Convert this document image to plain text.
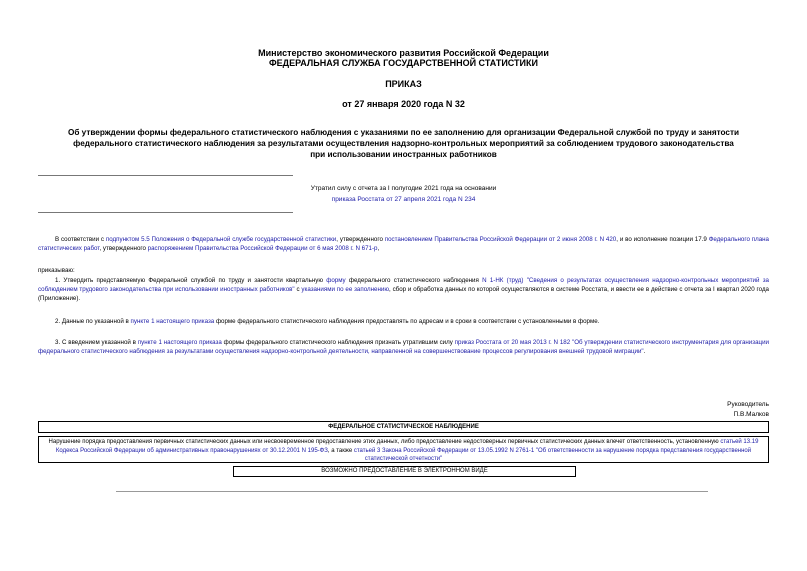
Министерство экономического развития Российской Федерации
ФЕДЕРАЛЬНАЯ СЛУЖБА ГОСУДАРСТВЕННОЙ СТАТИСТИКИ
ПРИКАЗ
от 27 января 2020 года N 32
Об утверждении формы федерального статистического наблюдения с указаниями по ее заполнению для организации Федеральной службой по труду и занятости
федерального статистического наблюдения за результатами осуществления надзорно-контрольных мероприятий за соблюдением трудового законодательства
при использовании иностранных работников
Утратил силу с отчета за I полугодие 2021 года на основании
приказа Росстата от 27 апреля 2021 года N 234
В соответствии с подпунктом 5.5 Положения о Федеральной службе государственной статистики, утвержденного постановлением Правительства Российской Федерации от 2 июня 2008 г. N 420, и во исполнение позиции 17.9 Федерального плана статистических работ, утвержденного распоряжением Правительства Российской Федерации от 6 мая 2008 г. N 671-р,
приказываю:
1. Утвердить представляемую Федеральной службой по труду и занятости квартальную форму федерального статистического наблюдения N 1-НК (труд) "Сведения о результатах осуществления надзорно-контрольных мероприятий за соблюдением трудового законодательства при использовании иностранных работников" с указаниями по ее заполнению, сбор и обработка данных по которой осуществляются в системе Росстата, и ввести ее в действие с отчета за I квартал 2020 года (Приложение).
2. Данные по указанной в пункте 1 настоящего приказа форме федерального статистического наблюдения предоставлять по адресам и в сроки в соответствии с установленными в форме.
3. С введением указанной в пункте 1 настоящего приказа формы федерального статистического наблюдения признать утратившим силу приказ Росстата от 20 мая 2013 г. N 182 "Об утверждении статистического инструментария для организации федерального статистического наблюдения за результатами осуществления надзорно-контрольной деятельности, направленной на совершенствование процессов регулирования внешней трудовой миграции".
Руководитель
П.В.Малков
ФЕДЕРАЛЬНОЕ СТАТИСТИЧЕСКОЕ НАБЛЮДЕНИЕ
Нарушение порядка предоставления первичных статистических данных или несвоевременное предоставление этих данных, либо предоставление недостоверных первичных статистических данных влечет ответственность, установленную статьей 13.19 Кодекса Российской Федерации об административных правонарушениях от 30.12.2001 N 195-ФЗ, а также статьей 3 Закона Российской Федерации от 13.05.1992 N 2761-1 "Об ответственности за нарушение порядка представления государственной статистической отчетности"
ВОЗМОЖНО ПРЕДОСТАВЛЕНИЕ В ЭЛЕКТРОННОМ ВИДЕ
